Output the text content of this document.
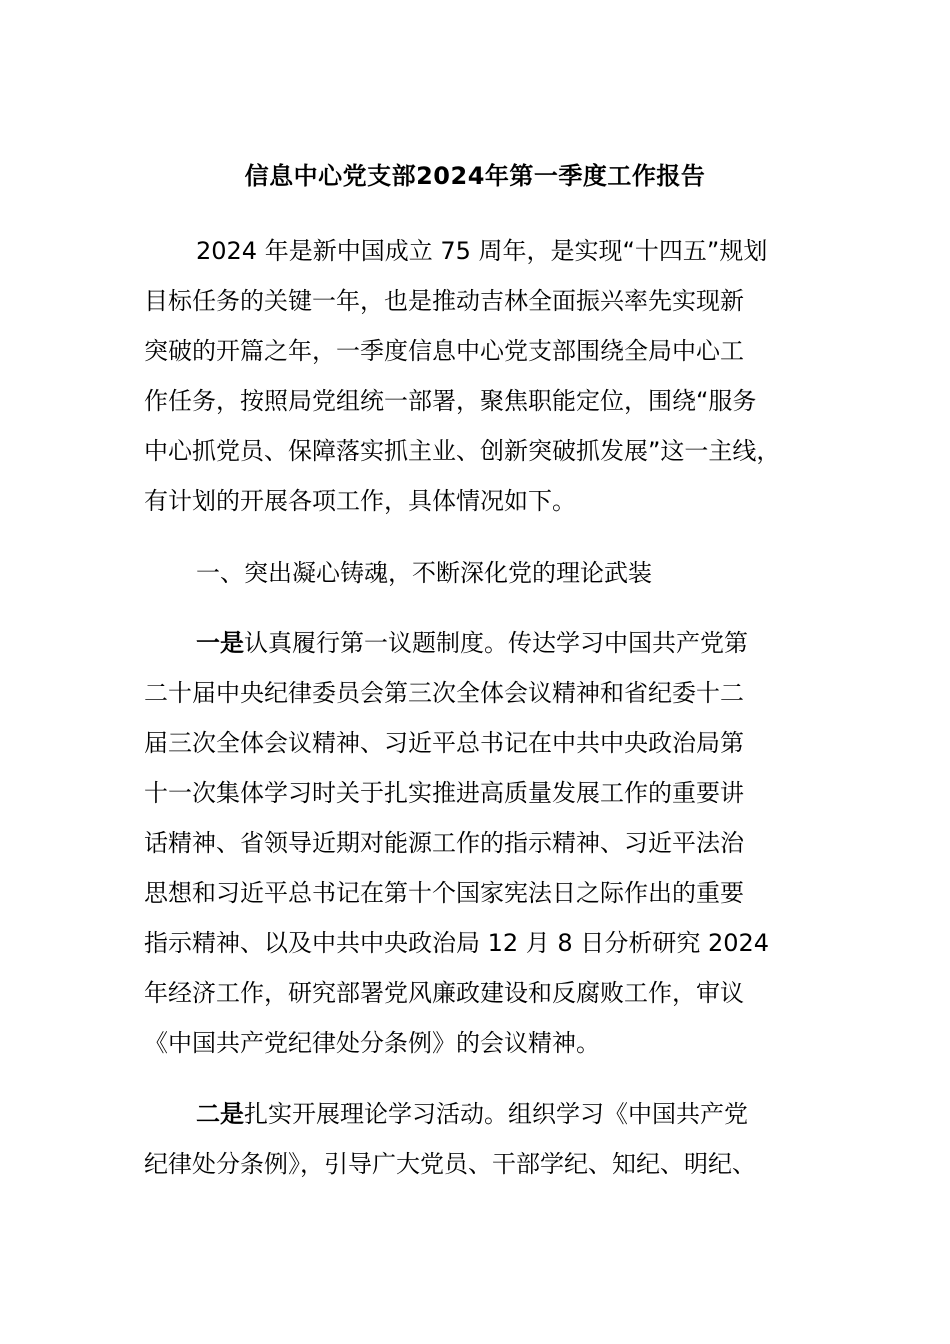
信息中心党支部2024年第一季度工作报告
2024 年是新中国成立 75 周年，是实现“十四五”规划
目标任务的关键一年，也是推动吉林全面振兴率先实现新
突破的开篇之年，一季度信息中心党支部围绕全局中心工
作任务，按照局党组统一部署，聚焦职能定位，围绕“服务
中心抓党员、保障落实抓主业、创新突破抓发展”这一主线，
有计划的开展各项工作，具体情况如下。
一、突出凝心铸魂，不断深化党的理论武装
一是认真履行第一议题制度。传达学习中国共产党第
二十届中央纪律委员会第三次全体会议精神和省纪委十二
届三次全体会议精神、习近平总书记在中共中央政治局第
十一次集体学习时关于扎实推进高质量发展工作的重要讲
话精神、省领导近期对能源工作的指示精神、习近平法治
思想和习近平总书记在第十个国家宪法日之际作出的重要
指示精神、以及中共中央政治局 12 月 8 日分析研究 2024
年经济工作，研究部署党风廉政建设和反腐败工作，审议
《中国共产党纪律处分条例》的会议精神。
二是扎实开展理论学习活动。组织学习《中国共产党
纪律处分条例》，引导广大党员、干部学纪、知纪、明纪、
